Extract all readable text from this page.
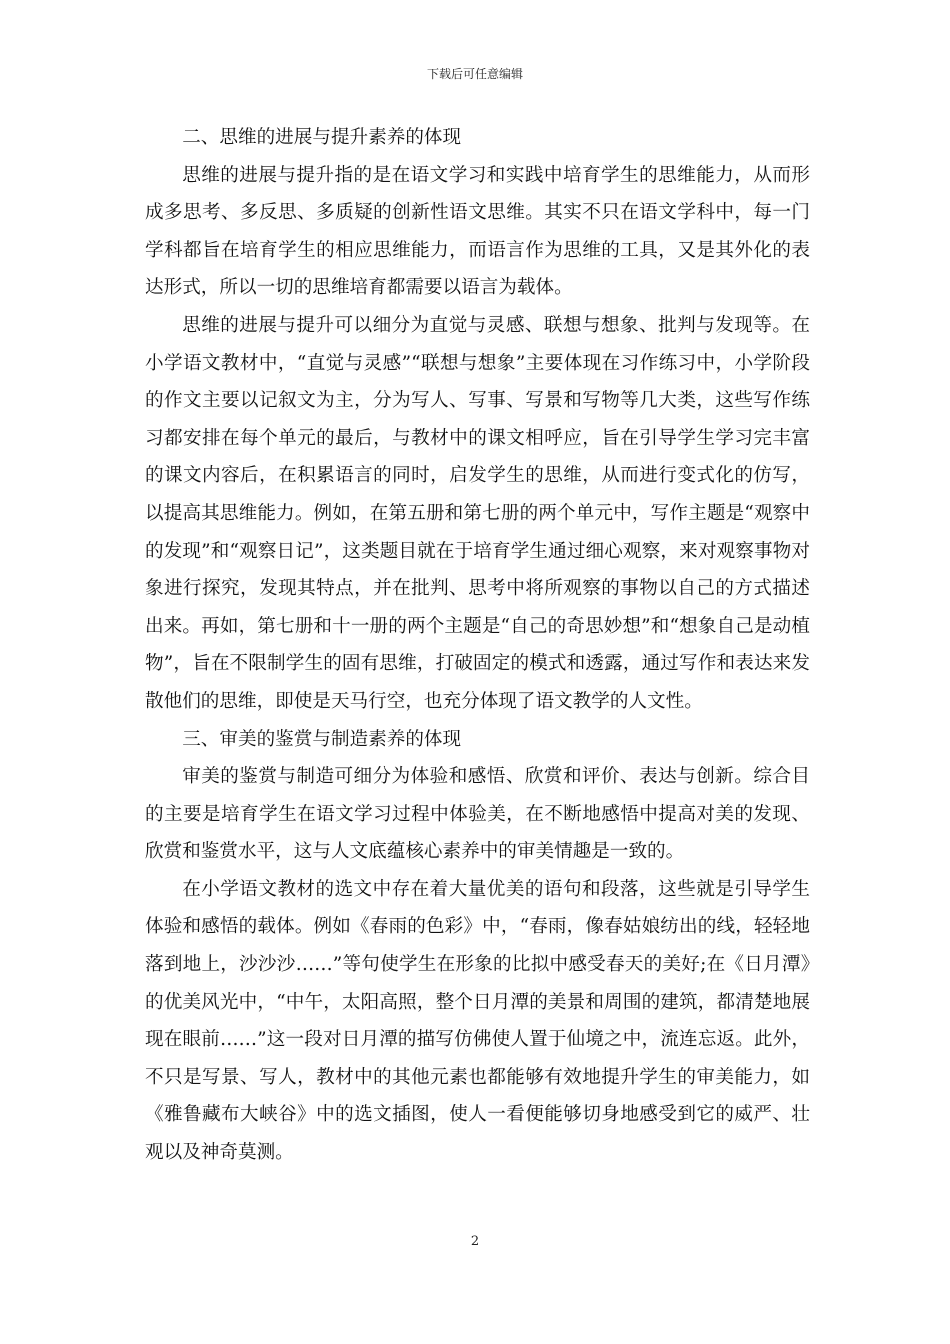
下载后可任意编辑

二、思维的进展与提升素养的体现

思维的进展与提升指的是在语文学习和实践中培育学生的思维能力，从而形成多思考、多反思、多质疑的创新性语文思维。其实不只在语文学科中，每一门学科都旨在培育学生的相应思维能力，而语言作为思维的工具，又是其外化的表达形式，所以一切的思维培育都需要以语言为载体。

思维的进展与提升可以细分为直觉与灵感、联想与想象、批判与发现等。在小学语文教材中，“直觉与灵感”“联想与想象”主要体现在习作练习中，小学阶段的作文主要以记叙文为主，分为写人、写事、写景和写物等几大类，这些写作练习都安排在每个单元的最后，与教材中的课文相呼应，旨在引导学生学习完丰富的课文内容后，在积累语言的同时，启发学生的思维，从而进行变式化的仿写，以提高其思维能力。例如，在第五册和第七册的两个单元中，写作主题是“观察中的发现”和“观察日记”，这类题目就在于培育学生通过细心观察，来对观察事物对象进行探究，发现其特点，并在批判、思考中将所观察的事物以自己的方式描述出来。再如，第七册和十一册的两个主题是“自己的奇思妙想”和“想象自己是动植物”，旨在不限制学生的固有思维，打破固定的模式和透露，通过写作和表达来发散他们的思维，即使是天马行空，也充分体现了语文教学的人文性。

三、审美的鉴赏与制造素养的体现

审美的鉴赏与制造可细分为体验和感悟、欣赏和评价、表达与创新。综合目的主要是培育学生在语文学习过程中体验美，在不断地感悟中提高对美的发现、欣赏和鉴赏水平，这与人文底蕴核心素养中的审美情趣是一致的。

在小学语文教材的选文中存在着大量优美的语句和段落，这些就是引导学生体验和感悟的载体。例如《春雨的色彩》中，“春雨，像春姑娘纺出的线，轻轻地落到地上，沙沙沙……”等句使学生在形象的比拟中感受春天的美好;在《日月潭》的优美风光中，“中午，太阳高照，整个日月潭的美景和周围的建筑，都清楚地展现在眼前……”这一段对日月潭的描写仿佛使人置于仙境之中，流连忘返。此外，不只是写景、写人，教材中的其他元素也都能够有效地提升学生的审美能力，如《雅鲁藏布大峡谷》中的选文插图，使人一看便能够切身地感受到它的威严、壮观以及神奇莫测。

2
